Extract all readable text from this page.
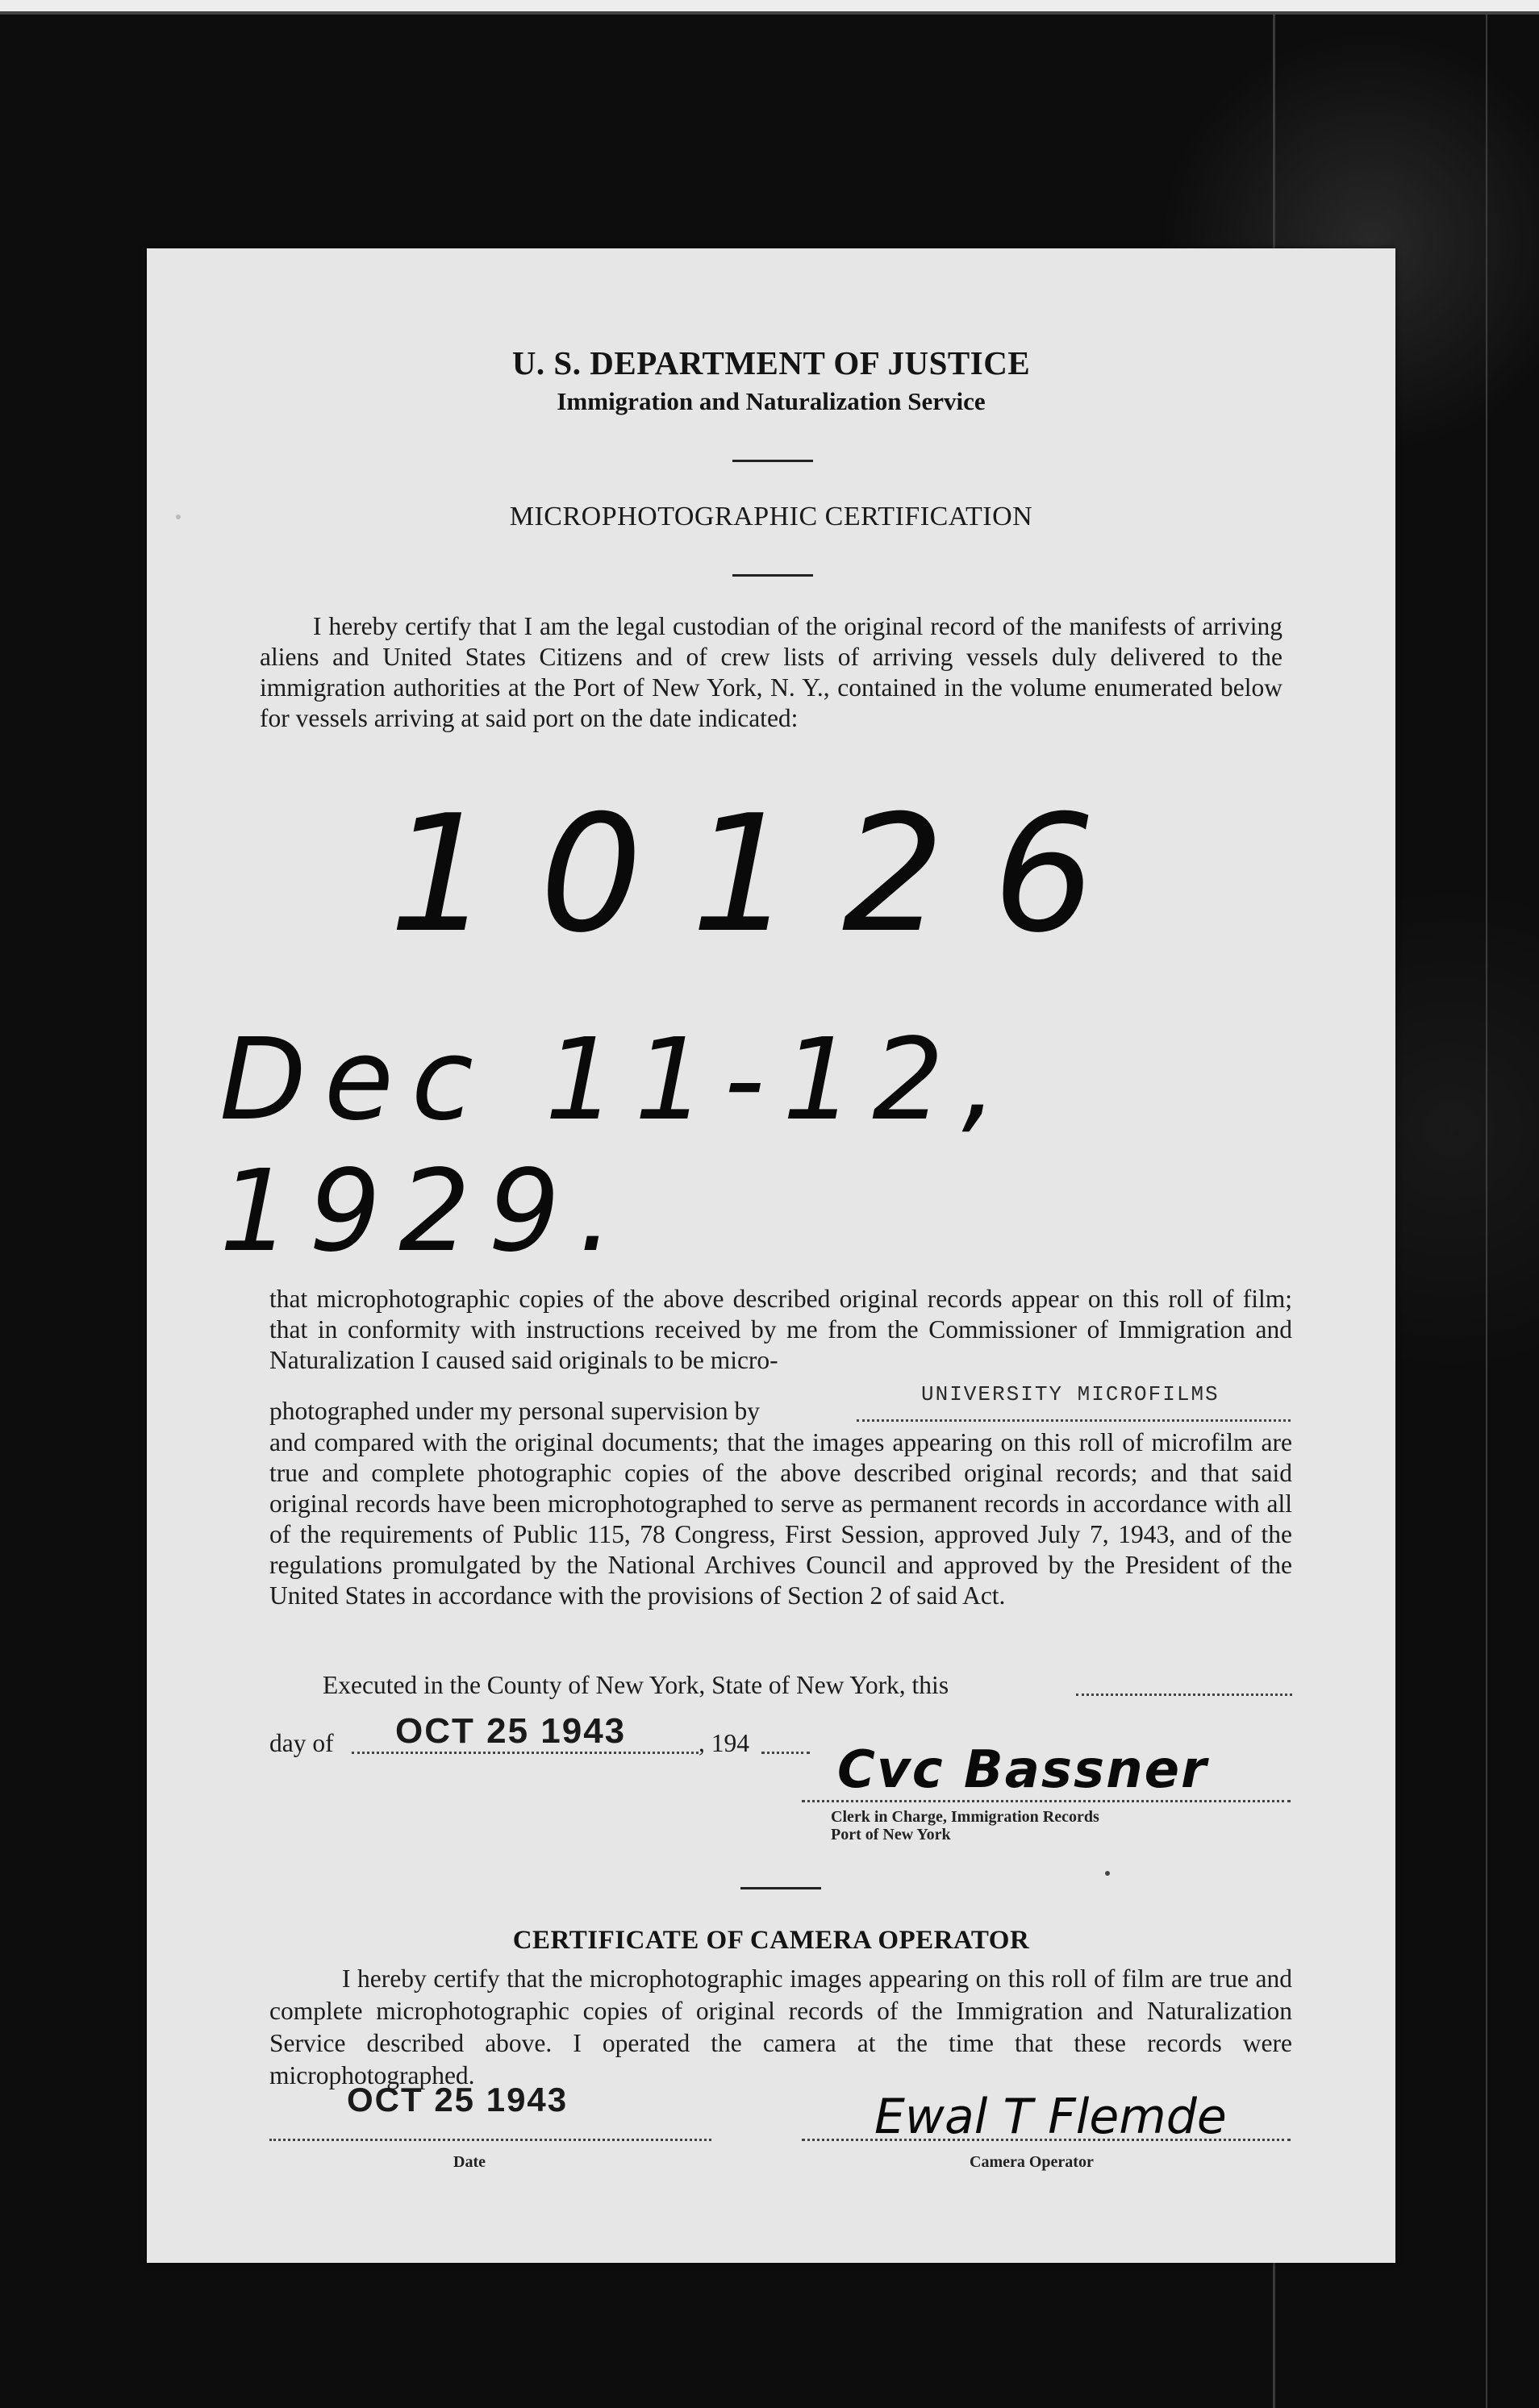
U. S. DEPARTMENT OF JUSTICE
Immigration and Naturalization Service
MICROPHOTOGRAPHIC CERTIFICATION
I hereby certify that I am the legal custodian of the original record of the manifests of arriving aliens and United States Citizens and of crew lists of arriving vessels duly delivered to the immigration authorities at the Port of New York, N. Y., contained in the volume enumerated below for vessels arriving at said port on the date indicated:
10126
Dec 11-12, 1929.
that microphotographic copies of the above described original records appear on this roll of film; that in conformity with instructions received by me from the Commissioner of Immigration and Naturalization I caused said originals to be micro-
photographed under my personal supervision by
UNIVERSITY MICROFILMS
and compared with the original documents; that the images appearing on this roll of microfilm are true and complete photographic copies of the above described original records; and that said original records have been microphotographed to serve as permanent records in accordance with all of the requirements of Public 115, 78 Congress, First Session, approved July 7, 1943, and of the regulations promulgated by the National Archives Council and approved by the President of the United States in accordance with the provisions of Section 2 of said Act.
Executed in the County of New York, State of New York, this
day of OCT 25 1943	, 194 Cvc Bassner
Clerk in Charge, Immigration Records
Port of New York
CERTIFICATE OF CAMERA OPERATOR
I hereby certify that the microphotographic images appearing on this roll of film are true and complete microphotographic copies of original records of the Immigration and Naturalization Service described above. I operated the camera at the time that these records were microphotographed.
OCT 25 1943
Date
Ewal T Flemde
Camera Operator
